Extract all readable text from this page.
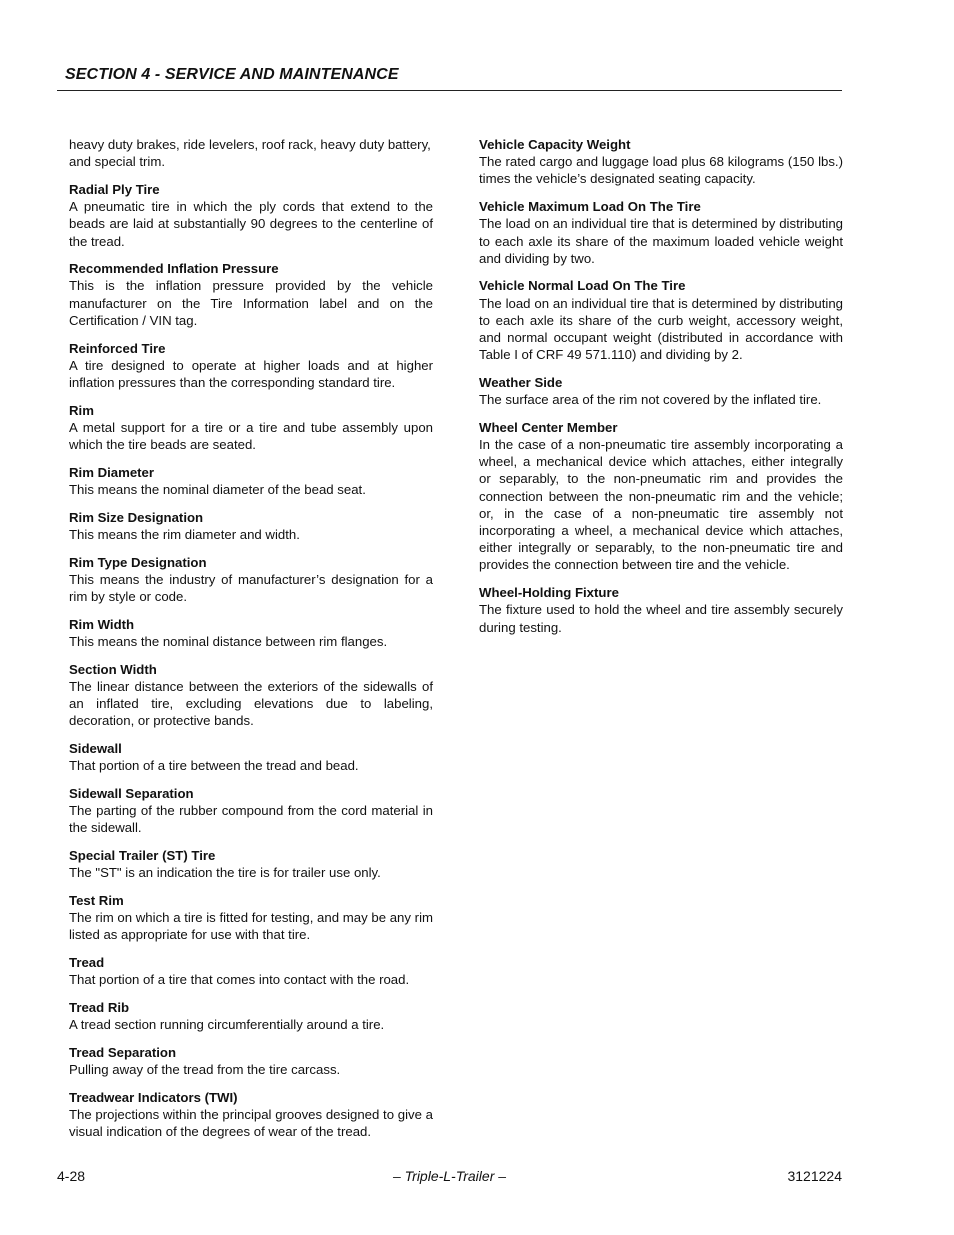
SECTION 4 - SERVICE AND MAINTENANCE

heavy duty brakes, ride levelers, roof rack, heavy duty battery, and special trim.

Radial Ply Tire
A pneumatic tire in which the ply cords that extend to the beads are laid at substantially 90 degrees to the centerline of the tread.
Recommended Inflation Pressure
This is the inflation pressure provided by the vehicle manufacturer on the Tire Information label and on the Certification / VIN tag.
Reinforced Tire
A tire designed to operate at higher loads and at higher inflation pressures than the corresponding standard tire.
Rim
A metal support for a tire or a tire and tube assembly upon which the tire beads are seated.
Rim Diameter
This means the nominal diameter of the bead seat.
Rim Size Designation
This means the rim diameter and width.
Rim Type Designation
This means the industry of manufacturer’s designation for a rim by style or code.
Rim Width
This means the nominal distance between rim flanges.
Section Width
The linear distance between the exteriors of the sidewalls of an inflated tire, excluding elevations due to labeling, decoration, or protective bands.
Sidewall
That portion of a tire between the tread and bead.
Sidewall Separation
The parting of the rubber compound from the cord material in the sidewall.
Special Trailer (ST) Tire
The "ST" is an indication the tire is for trailer use only.
Test Rim
The rim on which a tire is fitted for testing, and may be any rim listed as appropriate for use with that tire.
Tread
That portion of a tire that comes into contact with the road.
Tread Rib
A tread section running circumferentially around a tire.
Tread Separation
Pulling away of the tread from the tire carcass.
Treadwear Indicators (TWI)
The projections within the principal grooves designed to give a visual indication of the degrees of wear of the tread.
Vehicle Capacity Weight
The rated cargo and luggage load plus 68 kilograms (150 lbs.) times the vehicle’s designated seating capacity.
Vehicle Maximum Load On The Tire
The load on an individual tire that is determined by distributing to each axle its share of the maximum loaded vehicle weight and dividing by two.
Vehicle Normal Load On The Tire
The load on an individual tire that is determined by distributing to each axle its share of the curb weight, accessory weight, and normal occupant weight (distributed in accordance with Table I of CRF 49 571.110) and dividing by 2.
Weather Side
The surface area of the rim not covered by the inflated tire.
Wheel Center Member
In the case of a non-pneumatic tire assembly incorporating a wheel, a mechanical device which attaches, either integrally or separably, to the non-pneumatic rim and provides the connection between the non-pneumatic rim and the vehicle; or, in the case of a non-pneumatic tire assembly not incorporating a wheel, a mechanical device which attaches, either integrally or separably, to the non-pneumatic tire and provides the connection between tire and the vehicle.
Wheel-Holding Fixture
The fixture used to hold the wheel and tire assembly securely during testing.
4-28	– Triple-L-Trailer –	3121224
